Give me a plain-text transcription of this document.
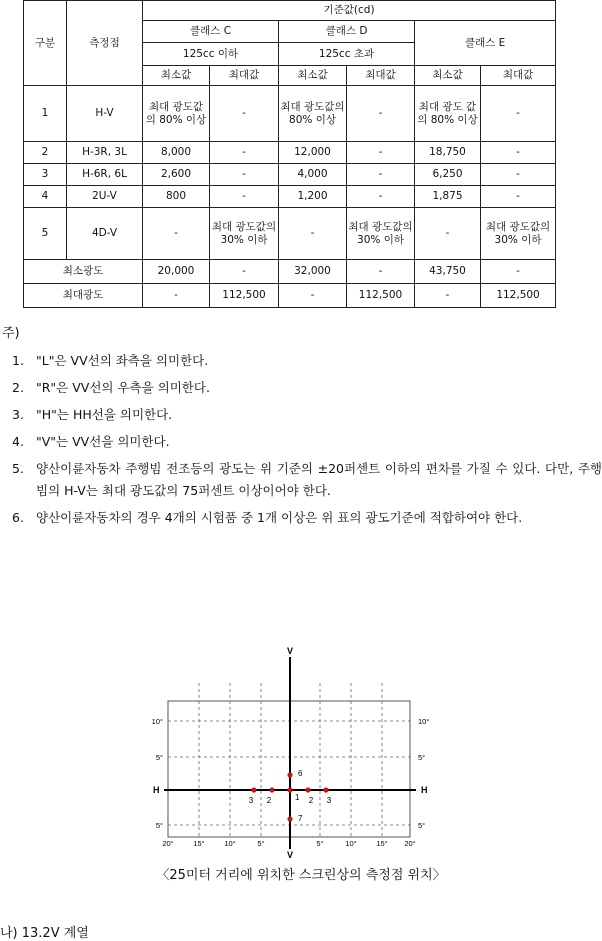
구분	측정점	기준값(cd)					
		클래스 C		클래스 D		클래스 E	
		125cc 이하		125cc 초과			
		최소값	최대값	최소값	최대값	최소값	최대값
1	H-V	최대 광도값의 80% 이상	-	최대 광도값의 80% 이상	-	최대 광도 값의 80% 이상	-
2	H-3R, 3L	8,000	-	12,000	-	18,750	-
3	H-6R, 6L	2,600	-	4,000	-	6,250	-
4	2U-V	800	-	1,200	-	1,875	-
5	4D-V	-	최대 광도값의 30% 이하	-	최대 광도값의 30% 이하	-	최대 광도값의 30% 이하
최소광도		20,000	-	32,000	-	43,750	-
최대광도		-	112,500	-	112,500	-	112,500
주)
1. "L"은 VV선의 좌측을 의미한다.
2. "R"은 VV선의 우측을 의미한다.
3. "H"는 HH선을 의미한다.
4. "V"는 VV선을 의미한다.
5. 양산이륜자동차 주행빔 전조등의 광도는 위 기준의 ±20퍼센트 이하의 편차를 가질 수 있다. 다만, 주행빔의 H-V는 최대 광도값의 75퍼센트 이상이어야 한다.
6. 양산이륜자동차의 경우 4개의 시험품 중 1개 이상은 위 표의 광도기준에 적합하여야 한다.
V
V
H	H
10°
5°
5°
10°
5°
5°
20°	15°	10°	5°	5°	10°	15° 20°
1
2
3	2 3
6
7
〈25미터 거리에 위치한 스크린상의 측정점 위치〉
나) 13.2V 계열
